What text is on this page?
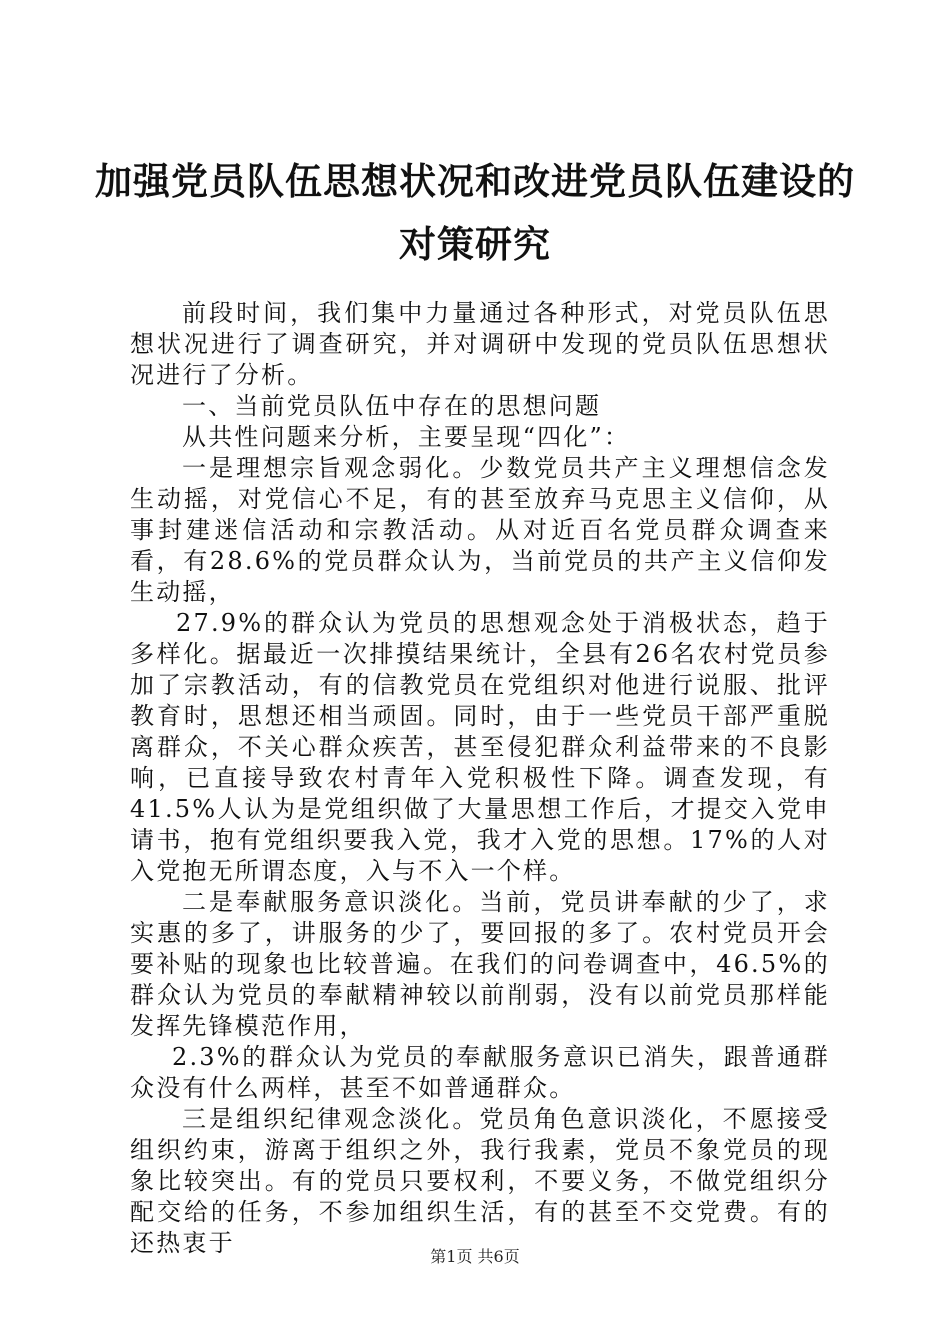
加强党员队伍思想状况和改进党员队伍建设的
对策研究

前段时间，我们集中力量通过各种形式，对党员队伍思想状况进行了调查研究，并对调研中发现的党员队伍思想状况进行了分析。

一、当前党员队伍中存在的思想问题

从共性问题来分析，主要呈现“四化”：

一是理想宗旨观念弱化。少数党员共产主义理想信念发生动摇，对党信心不足，有的甚至放弃马克思主义信仰，从事封建迷信活动和宗教活动。从对近百名党员群众调查来看，有28.6%的党员群众认为，当前党员的共产主义信仰发生动摇，

27.9%的群众认为党员的思想观念处于消极状态，趋于多样化。据最近一次排摸结果统计，全县有26名农村党员参加了宗教活动，有的信教党员在党组织对他进行说服、批评教育时，思想还相当顽固。同时，由于一些党员干部严重脱离群众，不关心群众疾苦，甚至侵犯群众利益带来的不良影响，已直接导致农村青年入党积极性下降。调查发现，有41.5%人认为是党组织做了大量思想工作后，才提交入党申请书，抱有党组织要我入党，我才入党的思想。17%的人对入党抱无所谓态度，入与不入一个样。

二是奉献服务意识淡化。当前，党员讲奉献的少了，求实惠的多了，讲服务的少了，要回报的多了。农村党员开会要补贴的现象也比较普遍。在我们的问卷调查中，46.5%的群众认为党员的奉献精神较以前削弱，没有以前党员那样能发挥先锋模范作用，

2.3%的群众认为党员的奉献服务意识已消失，跟普通群众没有什么两样，甚至不如普通群众。

三是组织纪律观念淡化。党员角色意识淡化，不愿接受组织约束，游离于组织之外，我行我素，党员不象党员的现象比较突出。有的党员只要权利，不要义务，不做党组织分配交给的任务，不参加组织生活，有的甚至不交党费。有的还热衷于	第1页 共6页
